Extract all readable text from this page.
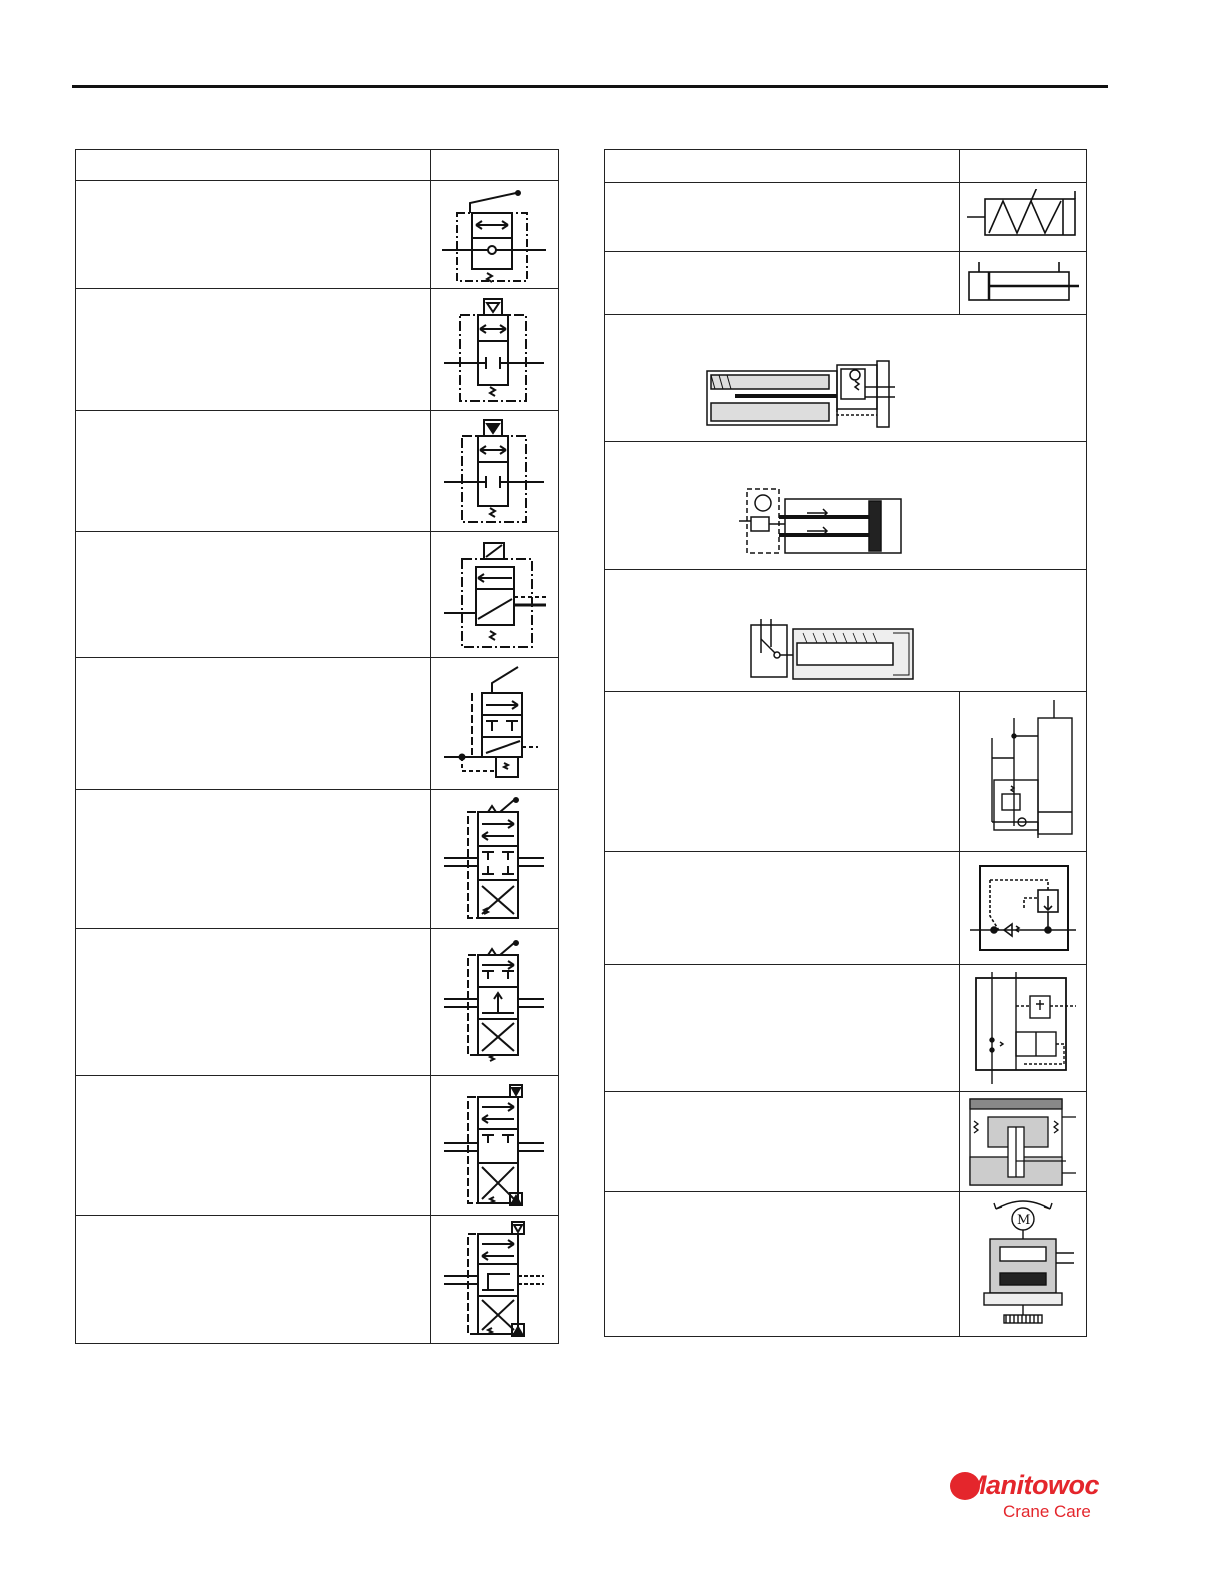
M
Manitowoc
Crane Care
